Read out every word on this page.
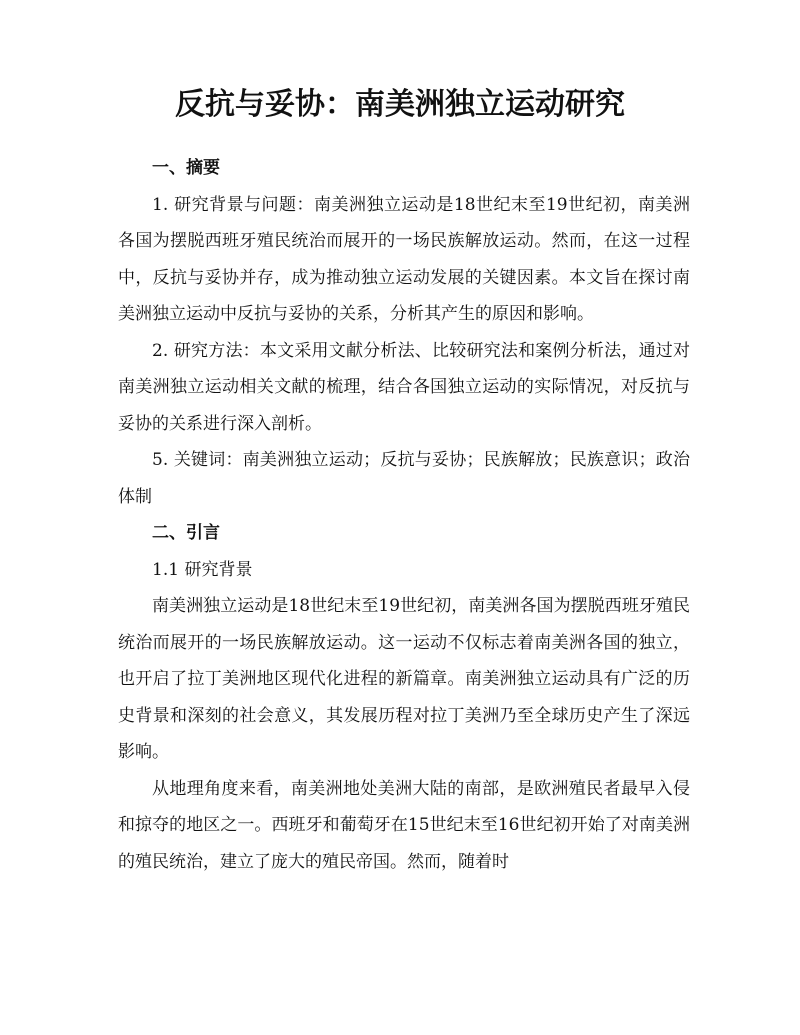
反抗与妥协：南美洲独立运动研究

一、摘要

1. 研究背景与问题：南美洲独立运动是18世纪末至19世纪初，南美洲各国为摆脱西班牙殖民统治而展开的一场民族解放运动。然而，在这一过程中，反抗与妥协并存，成为推动独立运动发展的关键因素。本文旨在探讨南美洲独立运动中反抗与妥协的关系，分析其产生的原因和影响。

2. 研究方法：本文采用文献分析法、比较研究法和案例分析法，通过对南美洲独立运动相关文献的梳理，结合各国独立运动的实际情况，对反抗与妥协的关系进行深入剖析。

5. 关键词：南美洲独立运动；反抗与妥协；民族解放；民族意识；政治体制

二、引言

1.1 研究背景

南美洲独立运动是18世纪末至19世纪初，南美洲各国为摆脱西班牙殖民统治而展开的一场民族解放运动。这一运动不仅标志着南美洲各国的独立，也开启了拉丁美洲地区现代化进程的新篇章。南美洲独立运动具有广泛的历史背景和深刻的社会意义，其发展历程对拉丁美洲乃至全球历史产生了深远影响。

从地理角度来看，南美洲地处美洲大陆的南部，是欧洲殖民者最早入侵和掠夺的地区之一。西班牙和葡萄牙在15世纪末至16世纪初开始了对南美洲的殖民统治，建立了庞大的殖民帝国。然而，随着时
